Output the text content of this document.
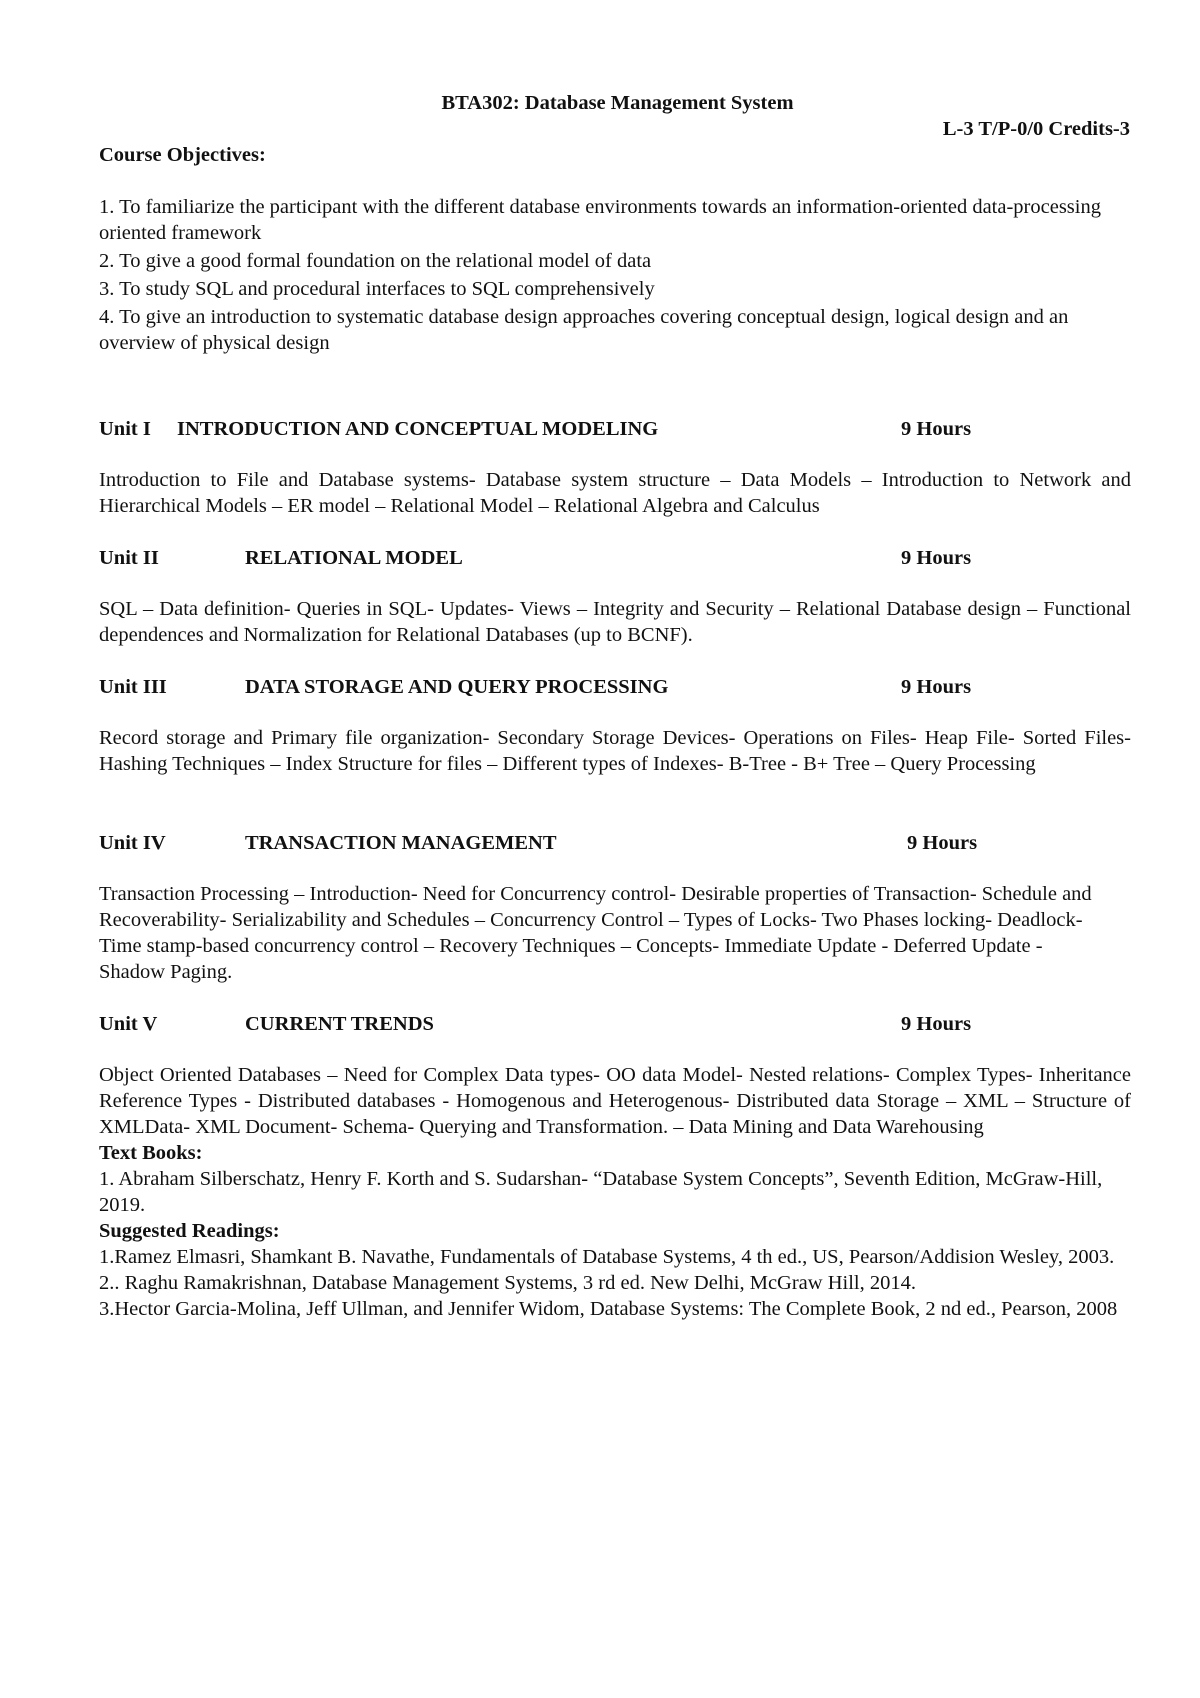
BTA302: Database Management System
L-3 T/P-0/0 Credits-3

Course Objectives:

1. To familiarize the participant with the different database environments towards an information-oriented data-processing oriented framework

2. To give a good formal foundation on the relational model of data

3. To study SQL and procedural interfaces to SQL comprehensively

4. To give an introduction to systematic database design approaches covering conceptual design, logical design and an overview of physical design

Unit I INTRODUCTION AND CONCEPTUAL MODELING	9 Hours

Introduction to File and Database systems- Database system structure – Data Models – Introduction to Network and Hierarchical Models – ER model – Relational Model – Relational Algebra and Calculus

Unit II	RELATIONAL MODEL	9 Hours

SQL – Data definition- Queries in SQL- Updates- Views – Integrity and Security – Relational Database design – Functional dependences and Normalization for Relational Databases (up to BCNF).

Unit III	DATA STORAGE AND QUERY PROCESSING	9 Hours

Record storage and Primary file organization- Secondary Storage Devices- Operations on Files- Heap File- Sorted Files- Hashing Techniques – Index Structure for files – Different types of Indexes- B-Tree - B+ Tree – Query Processing

Unit IV	TRANSACTION MANAGEMENT	9 Hours

Transaction Processing – Introduction- Need for Concurrency control- Desirable properties of Transaction- Schedule and Recoverability- Serializability and Schedules – Concurrency Control – Types of Locks- Two Phases locking- Deadlock- Time stamp-based concurrency control – Recovery Techniques – Concepts- Immediate Update - Deferred Update - Shadow Paging.

Unit V	CURRENT TRENDS	9 Hours

Object Oriented Databases – Need for Complex Data types- OO data Model- Nested relations- Complex Types- Inheritance Reference Types - Distributed databases - Homogenous and Heterogenous- Distributed data Storage – XML – Structure of XMLData- XML Document- Schema- Querying and Transformation. – Data Mining and Data Warehousing

Text Books:

1. Abraham Silberschatz, Henry F. Korth and S. Sudarshan- “Database System Concepts”, Seventh Edition, McGraw-Hill, 2019.

Suggested Readings:

1.Ramez Elmasri, Shamkant B. Navathe, Fundamentals of Database Systems, 4 th ed., US, Pearson/Addision Wesley, 2003.

2.. Raghu Ramakrishnan, Database Management Systems, 3 rd ed. New Delhi, McGraw Hill, 2014.

3.Hector Garcia-Molina, Jeff Ullman, and Jennifer Widom, Database Systems: The Complete Book, 2 nd ed., Pearson, 2008
